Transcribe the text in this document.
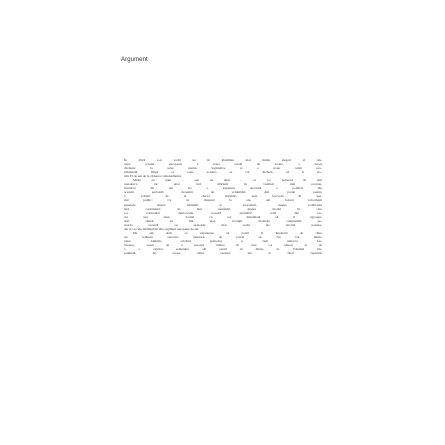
Argument
În 2024 s-ar vorbi ne în România mai multe alegeri al cin-
cilea scrutin european, a noua rundă de locale, a zecea
chemare la urne pentru legislative și a noua cursă pre-
zidențială. După ce toate acestea se vor încheia, să fi sto-
rim 35 de ani de la căderea comunismului.
Mulți au știut – sau au uitat – ce s-a petrecut în anii
noualezci, iar unor nici mărturii în vremuri mai recente.
Narativa mi am zis o expunere succintă a politicii din
această perioadă deosebit de schimbări. Am pornit pentru
o scăderi de la câteva întrebări aute frecvent în spa-
țiul public: Ca să răspund la ele, am folosit informații
generale despre instituții și proceduri, despre politicieni
moi carismatici ori mai nesiferiți, despre modul în care
s-a reinventat democrația noastră preluând cerai din tre-
cut sau, altei, dorind cu tot dinadinsul să îi ngroape.
Am căutat să îmi urez evoluții încâlcite comparând pe-
rioada recentă cu episoade mai vechi ale istoriei noastre,
dar și cu cele întâmplă în alte regimuri europene de azi.
Mi am dorit ca expunerea să poată fi înțeleasă de către
un cetățean oarecare interesat de patria sa. Nu voi intim-
plare. Ambiția oricărui politolog e, cum remarca Leo
Strauss, aceea de a pricepe lumea în care s-a născut și de
a o explica semenilor săi oricât să dintre ei. Volumul im-
prumută, de aceea, stilul eseistic, dar la final cuprinde
